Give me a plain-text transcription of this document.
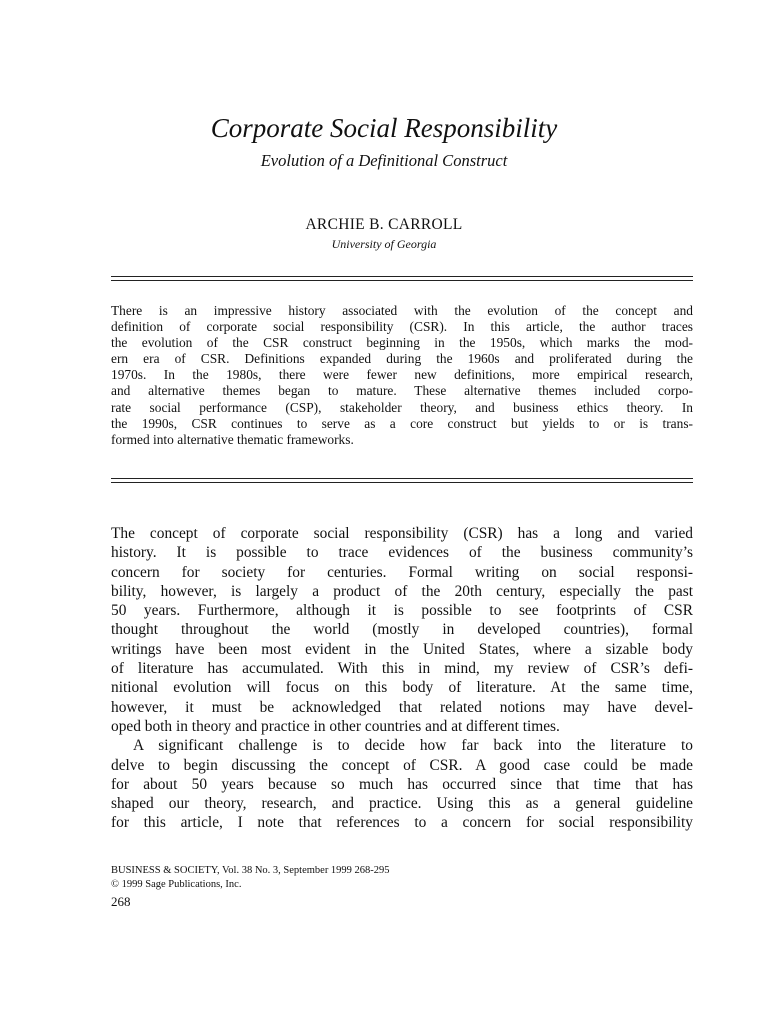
Corporate Social Responsibility
Evolution of a Definitional Construct
ARCHIE B. CARROLL
University of Georgia
There is an impressive history associated with the evolution of the concept and
definition of corporate social responsibility (CSR). In this article, the author traces
the evolution of the CSR construct beginning in the 1950s, which marks the mod-
ern era of CSR. Definitions expanded during the 1960s and proliferated during the
1970s. In the 1980s, there were fewer new definitions, more empirical research,
and alternative themes began to mature. These alternative themes included corpo-
rate social performance (CSP), stakeholder theory, and business ethics theory. In
the 1990s, CSR continues to serve as a core construct but yields to or is trans-
formed into alternative thematic frameworks.
The concept of corporate social responsibility (CSR) has a long and varied
history. It is possible to trace evidences of the business community’s
concern for society for centuries. Formal writing on social responsi-
bility, however, is largely a product of the 20th century, especially the past
50 years. Furthermore, although it is possible to see footprints of CSR
thought throughout the world (mostly in developed countries), formal
writings have been most evident in the United States, where a sizable body
of literature has accumulated. With this in mind, my review of CSR’s defi-
nitional evolution will focus on this body of literature. At the same time,
however, it must be acknowledged that related notions may have devel-
oped both in theory and practice in other countries and at different times.
A significant challenge is to decide how far back into the literature to
delve to begin discussing the concept of CSR. A good case could be made
for about 50 years because so much has occurred since that time that has
shaped our theory, research, and practice. Using this as a general guideline
for this article, I note that references to a concern for social responsibility
BUSINESS & SOCIETY, Vol. 38 No. 3, September 1999 268-295
© 1999 Sage Publications, Inc.
268
